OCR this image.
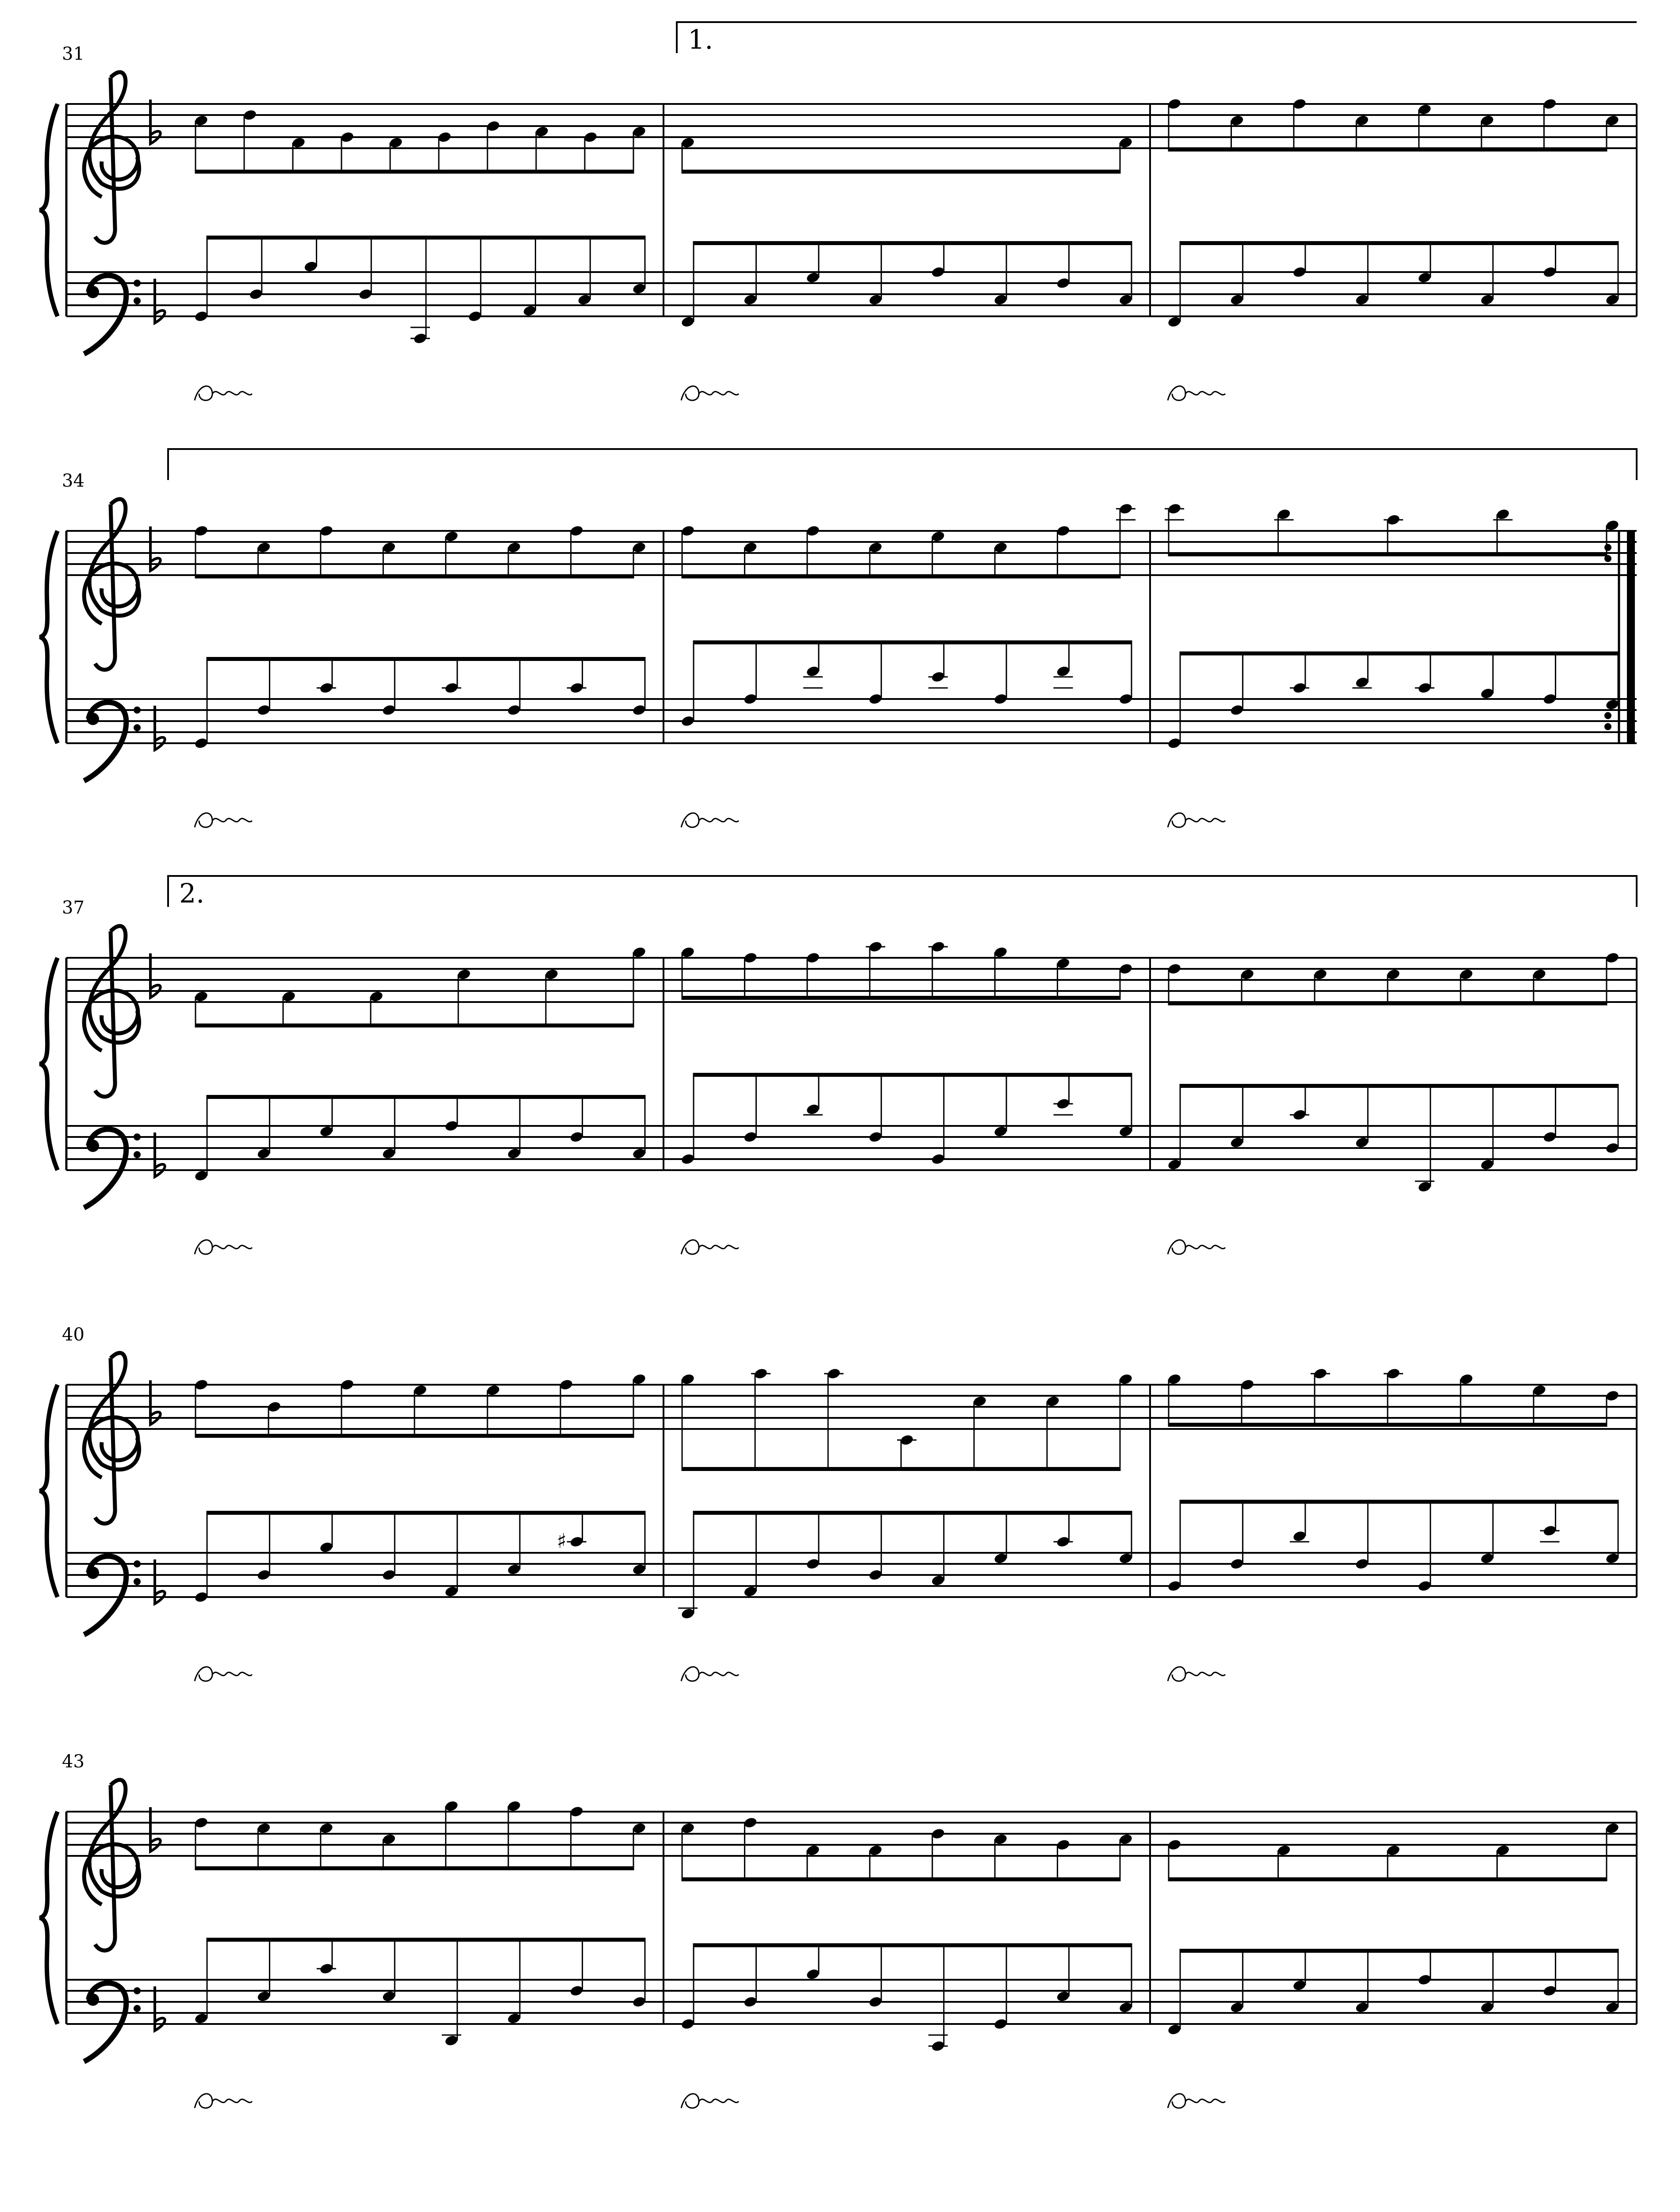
31	1.
34
37	2.
40
♯
43
